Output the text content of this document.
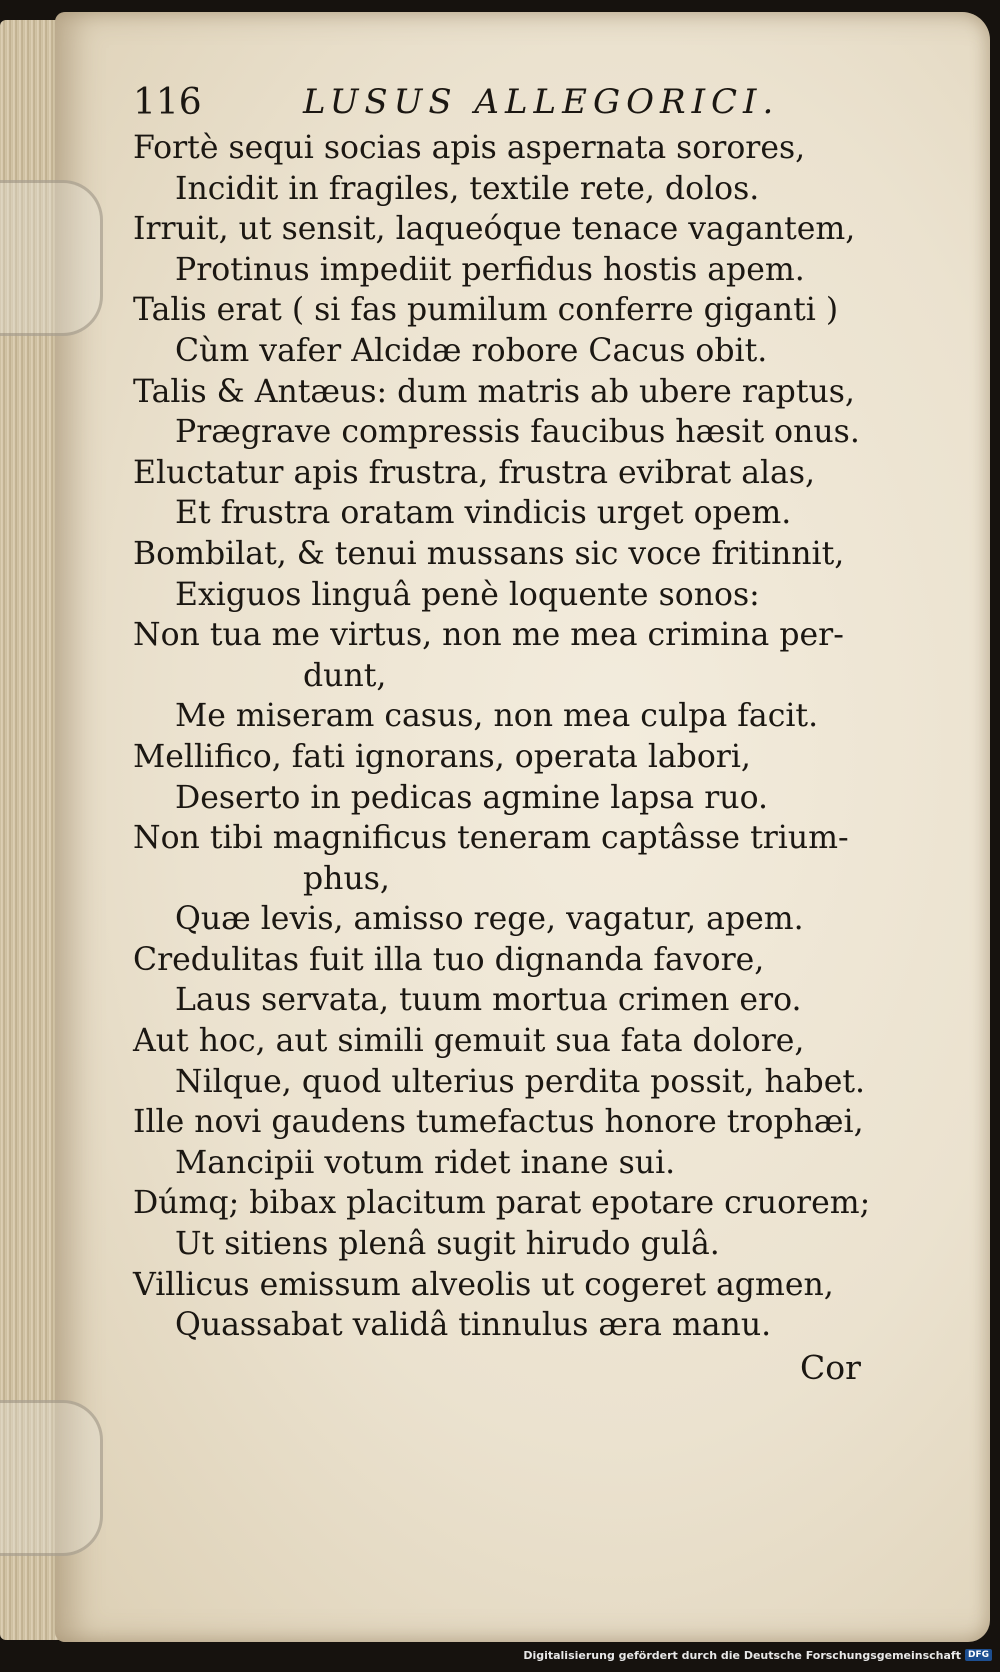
116	LUSUS ALLEGORICI.
Fortè sequi socias apis aspernata sorores,
Incidit in fragiles, textile rete, dolos.
Irruit, ut sensit, laqueóque tenace vagantem,
Protinus impediit perfidus hostis apem.
Talis erat ( si fas pumilum conferre giganti )
Cùm vafer Alcidæ robore Cacus obit.
Talis & Antæus: dum matris ab ubere raptus,
Prægrave compressis faucibus hæsit onus.
Eluctatur apis frustra, frustra evibrat alas,
Et frustra oratam vindicis urget opem.
Bombilat, & tenui mussans sic voce fritinnit,
Exiguos linguâ penè loquente sonos:
Non tua me virtus, non me mea crimina per-
dunt,
Me miseram casus, non mea culpa facit.
Mellifico, fati ignorans, operata labori,
Deserto in pedicas agmine lapsa ruo.
Non tibi magnificus teneram captâsse trium-
phus,
Quæ levis, amisso rege, vagatur, apem.
Credulitas fuit illa tuo dignanda favore,
Laus servata, tuum mortua crimen ero.
Aut hoc, aut simili gemuit sua fata dolore,
Nilque, quod ulterius perdita possit, habet.
Ille novi gaudens tumefactus honore trophæi,
Mancipii votum ridet inane sui.
Dúmq; bibax placitum parat epotare cruorem;
Ut sitiens plenâ sugit hirudo gulâ.
Villicus emissum alveolis ut cogeret agmen,
Quassabat validâ tinnulus æra manu.
Cor
Digitalisierung gefördert durch die Deutsche Forschungsgemeinschaft DFG
